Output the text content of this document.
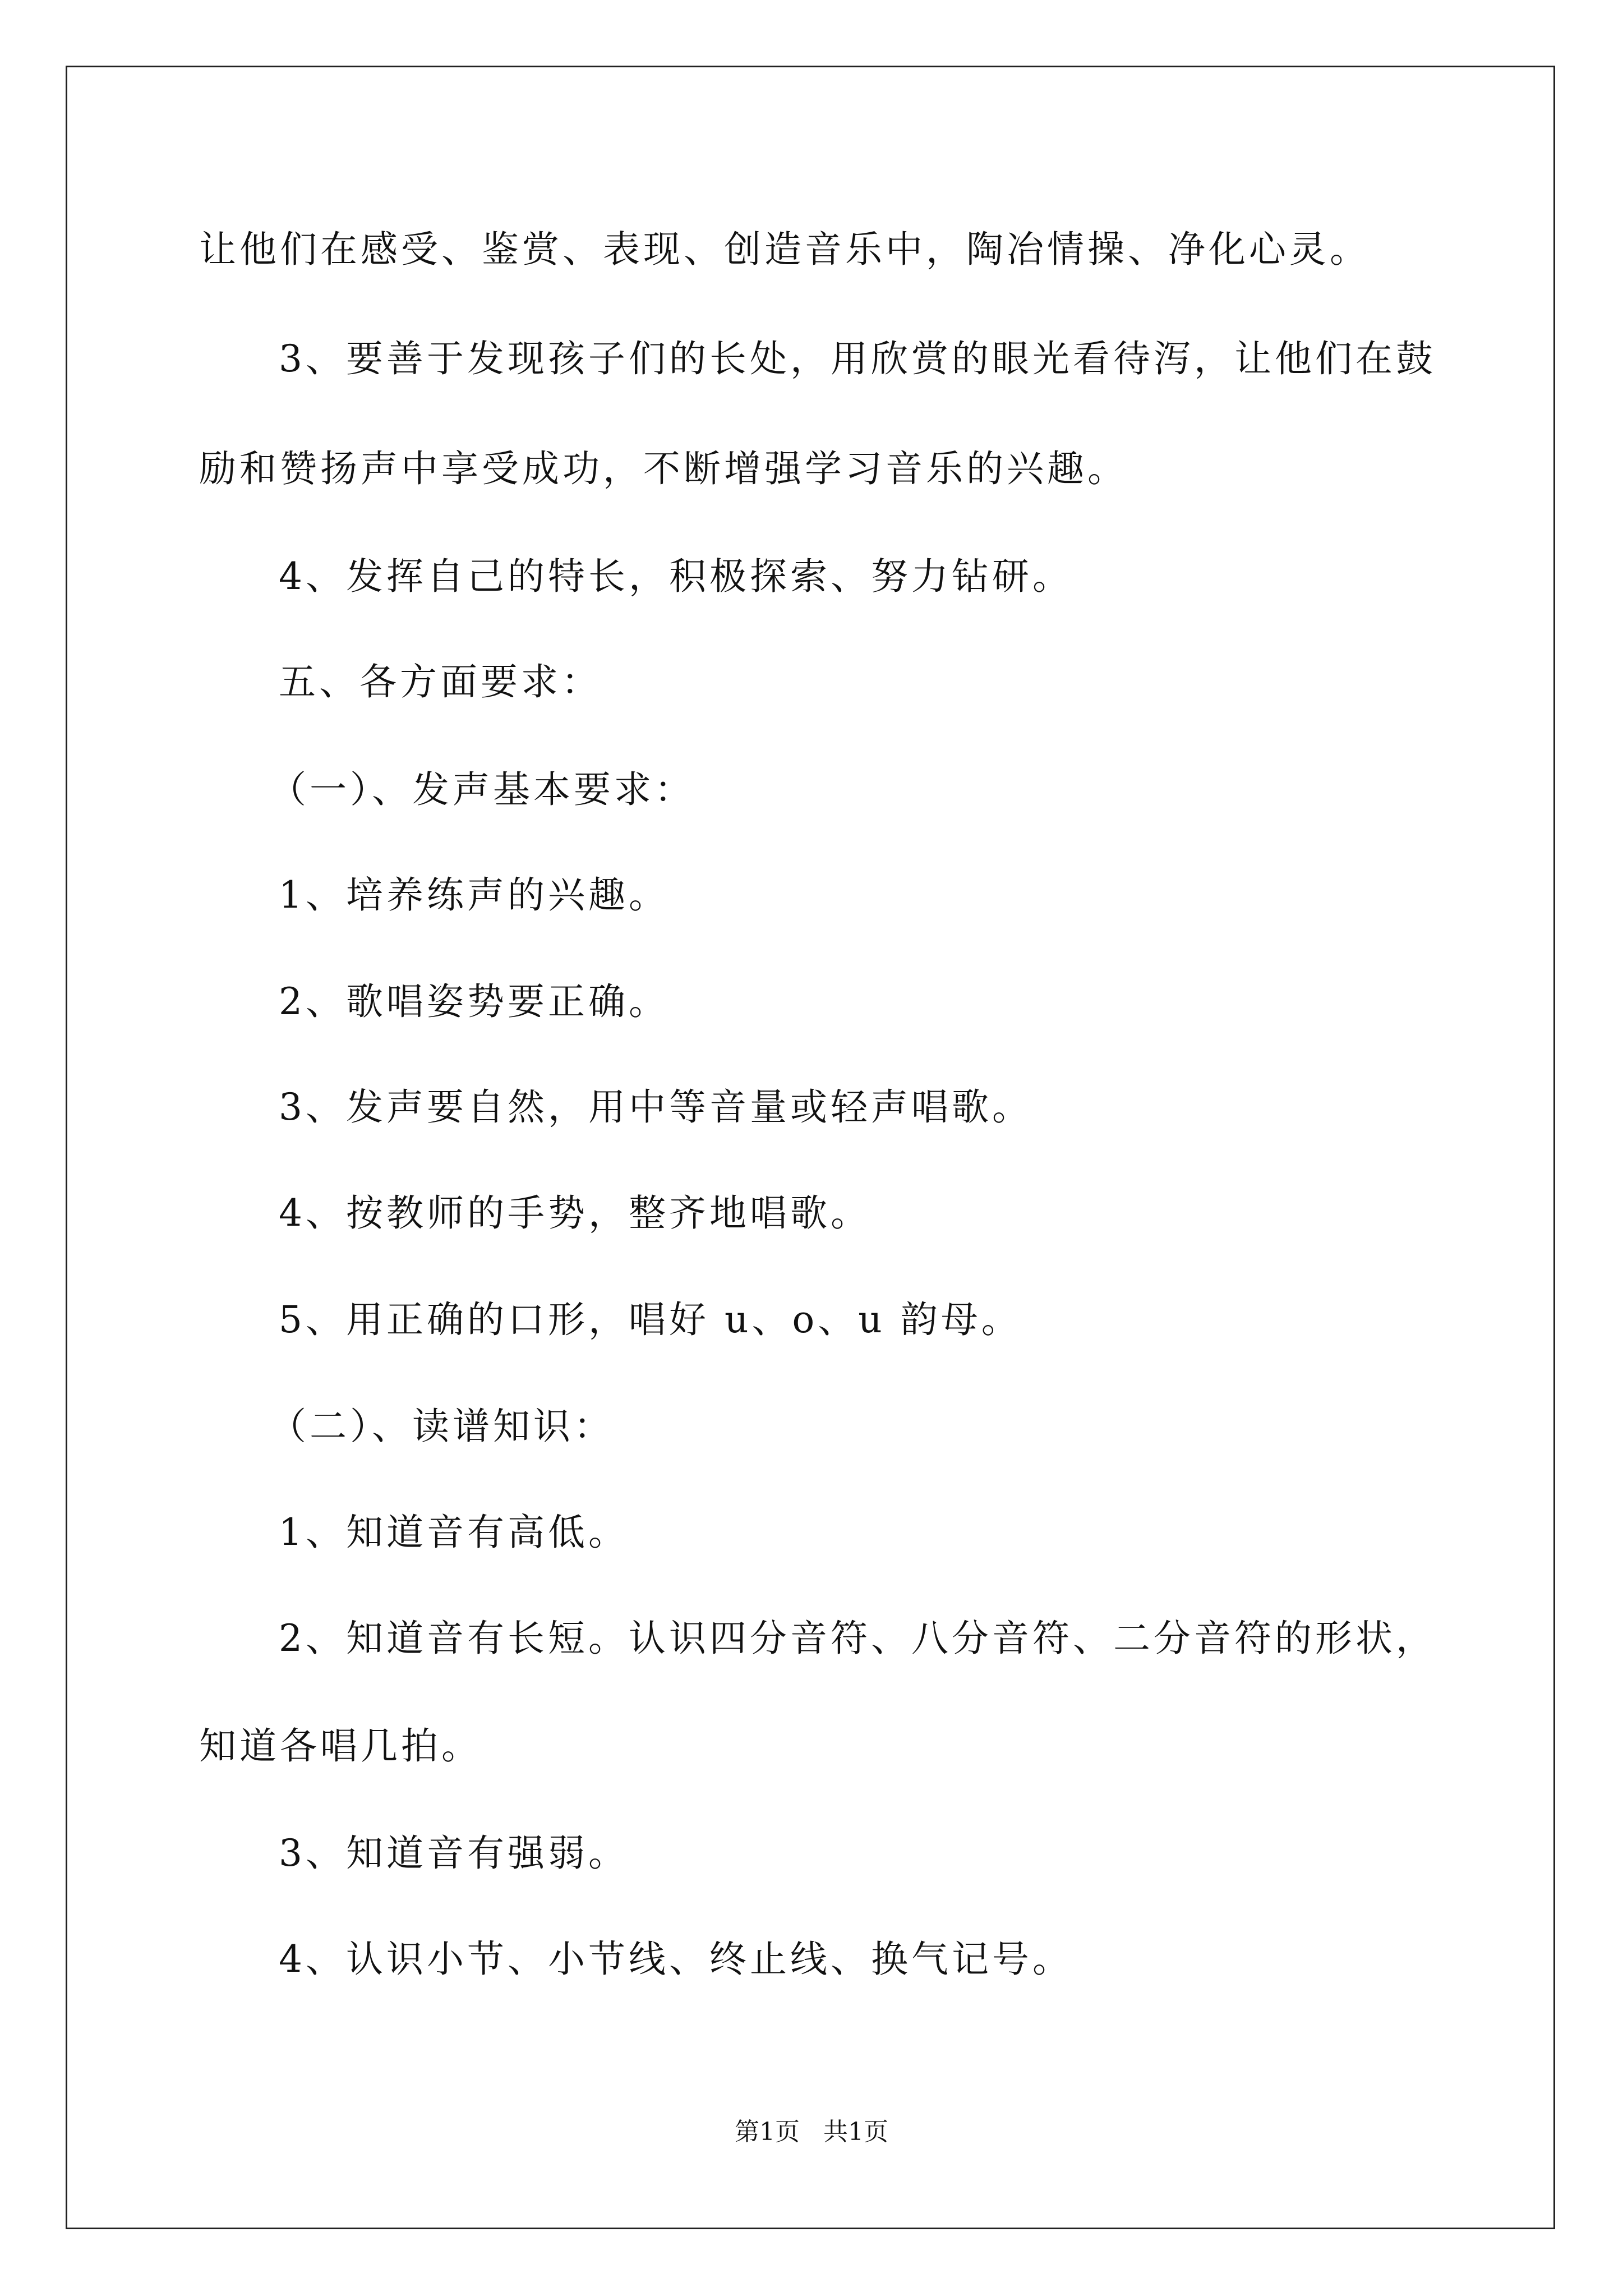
让他们在感受、鉴赏、表现、创造音乐中，陶冶情操、净化心灵。
3、要善于发现孩子们的长处，用欣赏的眼光看待泻，让他们在鼓
励和赞扬声中享受成功，不断增强学习音乐的兴趣。
4、发挥自己的特长，积极探索、努力钻研。
五、各方面要求：
（一）、发声基本要求：
1、培养练声的兴趣。
2、歌唱姿势要正确。
3、发声要自然，用中等音量或轻声唱歌。
4、按教师的手势，整齐地唱歌。
5、用正确的口形，唱好 u、o、u 韵母。
（二）、读谱知识：
1、知道音有高低。
2、知道音有长短。认识四分音符、八分音符、二分音符的形状，
知道各唱几拍。
3、知道音有强弱。
4、认识小节、小节线、终止线、换气记号。
第1页   共1页
